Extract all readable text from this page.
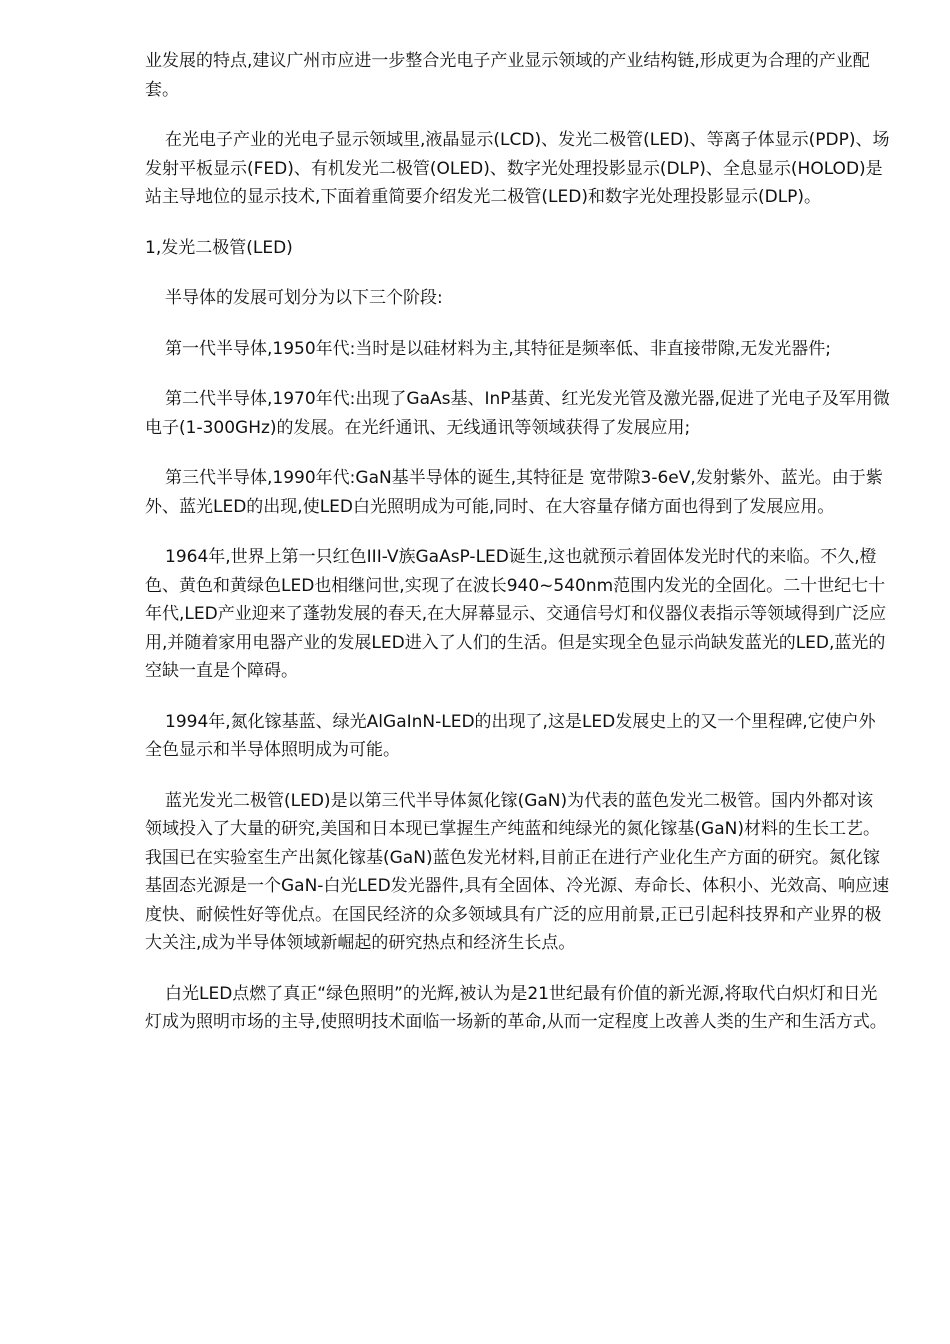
业发展的特点,建议广州市应进一步整合光电子产业显示领域的产业结构链,形成更为合理的产业配套。

在光电子产业的光电子显示领域里,液晶显示(LCD)、发光二极管(LED)、等离子体显示(PDP)、场发射平板显示(FED)、有机发光二极管(OLED)、数字光处理投影显示(DLP)、全息显示(HOLOD)是站主导地位的显示技术,下面着重简要介绍发光二极管(LED)和数字光处理投影显示(DLP)。

1,发光二极管(LED)

半导体的发展可划分为以下三个阶段:

第一代半导体,1950年代:当时是以硅材料为主,其特征是频率低、非直接带隙,无发光器件;

第二代半导体,1970年代:出现了GaAs基、InP基黄、红光发光管及激光器,促进了光电子及军用微电子(1-300GHz)的发展。在光纤通讯、无线通讯等领域获得了发展应用;

第三代半导体,1990年代:GaN基半导体的诞生,其特征是 宽带隙3-6eV,发射紫外、蓝光。由于紫外、蓝光LED的出现,使LED白光照明成为可能,同时、在大容量存储方面也得到了发展应用。

1964年,世界上第一只红色III-V族GaAsP-LED诞生,这也就预示着固体发光时代的来临。不久,橙色、黄色和黄绿色LED也相继问世,实现了在波长940~540nm范围内发光的全固化。二十世纪七十年代,LED产业迎来了蓬勃发展的春天,在大屏幕显示、交通信号灯和仪器仪表指示等领域得到广泛应用,并随着家用电器产业的发展LED进入了人们的生活。但是实现全色显示尚缺发蓝光的LED,蓝光的空缺一直是个障碍。

1994年,氮化镓基蓝、绿光AlGaInN-LED的出现了,这是LED发展史上的又一个里程碑,它使户外全色显示和半导体照明成为可能。

蓝光发光二极管(LED)是以第三代半导体氮化镓(GaN)为代表的蓝色发光二极管。国内外都对该领域投入了大量的研究,美国和日本现已掌握生产纯蓝和纯绿光的氮化镓基(GaN)材料的生长工艺。我国已在实验室生产出氮化镓基(GaN)蓝色发光材料,目前正在进行产业化生产方面的研究。氮化镓基固态光源是一个GaN-白光LED发光器件,具有全固体、冷光源、寿命长、体积小、光效高、响应速度快、耐候性好等优点。在国民经济的众多领域具有广泛的应用前景,正已引起科技界和产业界的极大关注,成为半导体领域新崛起的研究热点和经济生长点。

白光LED点燃了真正“绿色照明”的光辉,被认为是21世纪最有价值的新光源,将取代白炽灯和日光灯成为照明市场的主导,使照明技术面临一场新的革命,从而一定程度上改善人类的生产和生活方式。
